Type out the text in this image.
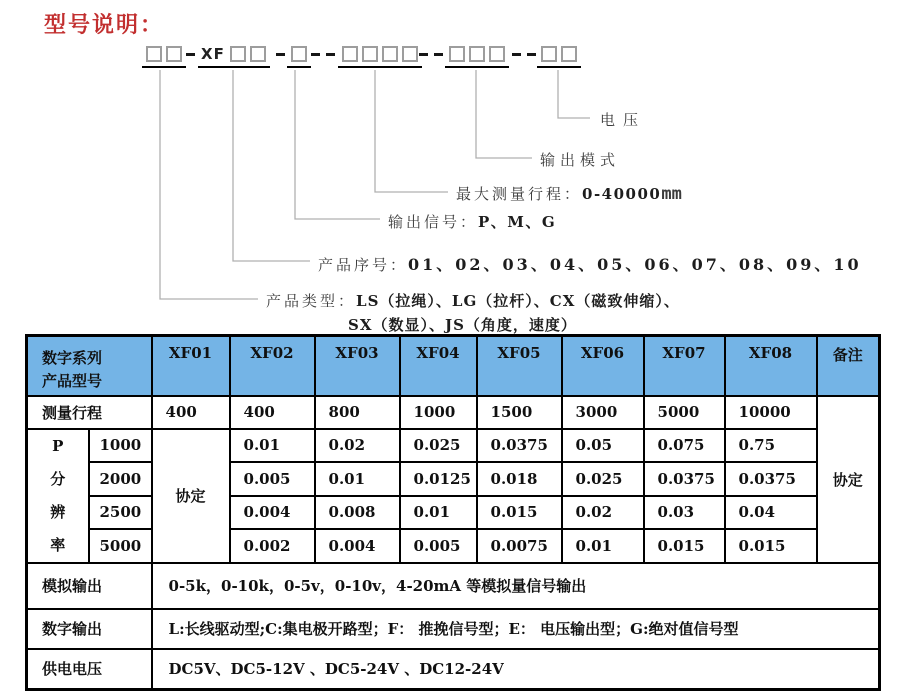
型号说明：
XF
电压
输出模式
最大测量行程：0-40000mm
输出信号：P、M、G
产品序号：01、02、03、04、05、06、07、08、09、10
产品类型：LS（拉绳）、LG（拉杆）、CX（磁致伸缩）、
SX（数显）、JS（角度，速度）
数字系列
产品型号		XF01	XF02	XF03	XF04	XF05	XF06	XF07	XF08	备注
测量行程		400	400	800	1000	1500	3000	5000	10000	协定

P
分
辨
率	1000	协定	0.01	0.02	0.025	0.0375	0.05	0.075	0.75	
	2000		0.005	0.01	0.0125	0.018	0.025	0.0375	0.0375	
	2500		0.004	0.008	0.01	0.015	0.02	0.03	0.04	
	5000		0.002	0.004	0.005	0.0075	0.01	0.015	0.015	
模拟输出		0-5k，0-10k，0-5v，0-10v，4-20mA 等模拟量信号输出								
数字输出		L:长线驱动型;C:集电极开路型；F： 推挽信号型；E： 电压输出型；G:绝对值信号型								
供电电压		DC5V、DC5-12V 、DC5-24V 、DC12-24V								
